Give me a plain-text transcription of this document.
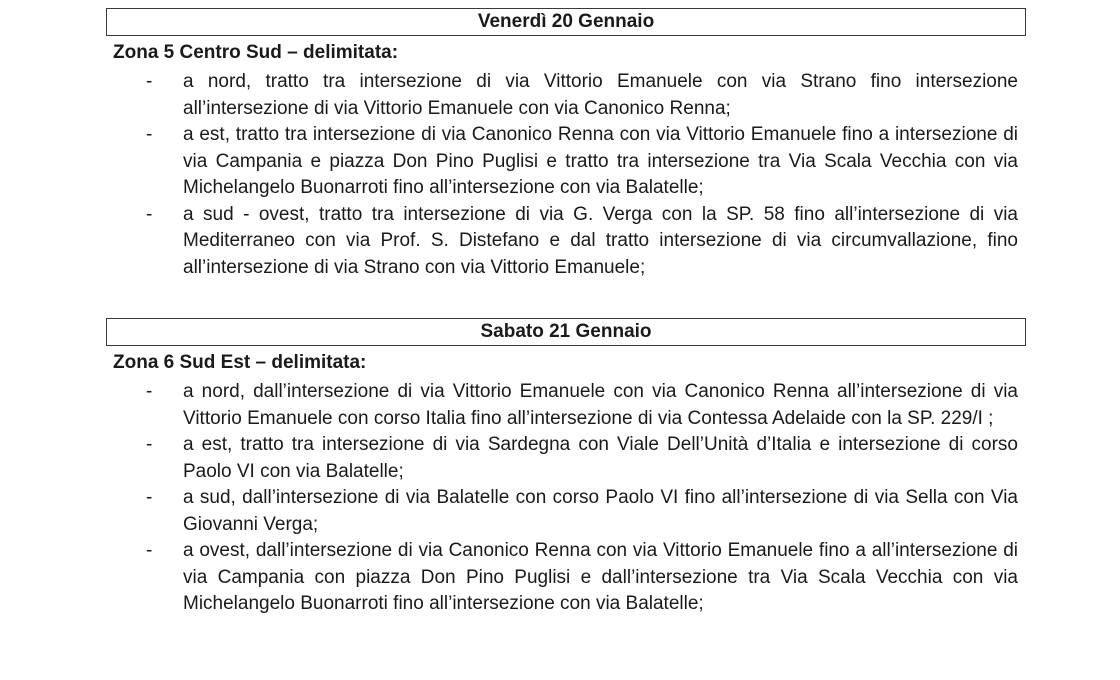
Venerdì 20 Gennaio
Zona 5 Centro Sud – delimitata:
- a nord, tratto tra intersezione di via Vittorio Emanuele con via Strano fino intersezione all’intersezione di via Vittorio Emanuele con via Canonico Renna;
- a est, tratto tra intersezione di via Canonico Renna con via Vittorio Emanuele fino a intersezione di via Campania e piazza Don Pino Puglisi e tratto tra intersezione tra Via Scala Vecchia con via Michelangelo Buonarroti fino all’intersezione con via Balatelle;
- a sud - ovest, tratto tra intersezione di via G. Verga con la SP. 58 fino all’intersezione di via Mediterraneo con via Prof. S. Distefano e dal tratto intersezione di via circumvallazione, fino all’intersezione di via Strano con via Vittorio Emanuele;
Sabato 21 Gennaio
Zona 6 Sud Est – delimitata:
- a nord, dall’intersezione di via Vittorio Emanuele con via Canonico Renna all’intersezione di via Vittorio Emanuele con corso Italia fino all’intersezione di via Contessa Adelaide con la SP. 229/I ;
- a est, tratto tra intersezione di via Sardegna con Viale Dell’Unità d’Italia e intersezione di corso Paolo VI con via Balatelle;
- a sud, dall’intersezione di via Balatelle con corso Paolo VI fino all’intersezione di via Sella con Via Giovanni Verga;
- a ovest, dall’intersezione di via Canonico Renna con via Vittorio Emanuele fino a all’intersezione di via Campania con piazza Don Pino Puglisi e dall’intersezione tra Via Scala Vecchia con via Michelangelo Buonarroti fino all’intersezione con via Balatelle;
